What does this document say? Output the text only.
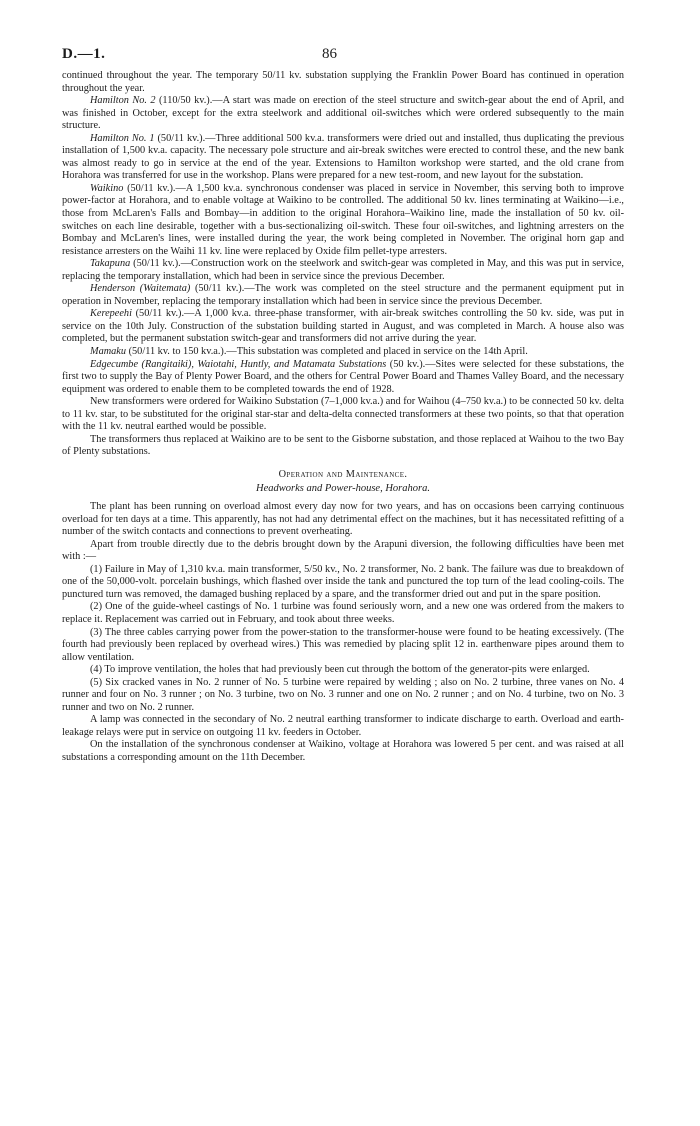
D.—1.	86

continued throughout the year. The temporary 50/11 kv. substation supplying the Franklin Power Board has continued in operation throughout the year.

Hamilton No. 2 (110/50 kv.).—A start was made on erection of the steel structure and switch-gear about the end of April, and was finished in October, except for the extra steelwork and additional oil-switches which were ordered subsequently to the main structure.

Hamilton No. 1 (50/11 kv.).—Three additional 500 kv.a. transformers were dried out and installed, thus duplicating the previous installation of 1,500 kv.a. capacity. The necessary pole structure and air-break switches were erected to control these, and the new bank was almost ready to go in service at the end of the year. Extensions to Hamilton workshop were started, and the old crane from Horahora was transferred for use in the workshop. Plans were prepared for a new test-room, and new layout for the substation.

Waikino (50/11 kv.).—A 1,500 kv.a. synchronous condenser was placed in service in November, this serving both to improve power-factor at Horahora, and to enable voltage at Waikino to be controlled. The additional 50 kv. lines terminating at Waikino—i.e., those from McLaren's Falls and Bombay—in addition to the original Horahora–Waikino line, made the installation of 50 kv. oil-switches on each line desirable, together with a bus-sectionalizing oil-switch. These four oil-switches, and lightning arresters on the Bombay and McLaren's lines, were installed during the year, the work being completed in November. The original horn gap and resistance arresters on the Waihi 11 kv. line were replaced by Oxide film pellet-type arresters.

Takapuna (50/11 kv.).—Construction work on the steelwork and switch-gear was completed in May, and this was put in service, replacing the temporary installation, which had been in service since the previous December.

Henderson (Waitemata) (50/11 kv.).—The work was completed on the steel structure and the permanent equipment put in operation in November, replacing the temporary installation which had been in service since the previous December.

Kerepeehi (50/11 kv.).—A 1,000 kv.a. three-phase transformer, with air-break switches controlling the 50 kv. side, was put in service on the 10th July. Construction of the substation building started in August, and was completed in March. A house also was completed, but the permanent substation switch-gear and transformers did not arrive during the year.

Mamaku (50/11 kv. to 150 kv.a.).—This substation was completed and placed in service on the 14th April.

Edgecumbe (Rangitaiki), Waiotahi, Huntly, and Matamata Substations (50 kv.).—Sites were selected for these substations, the first two to supply the Bay of Plenty Power Board, and the others for Central Power Board and Thames Valley Board, and the necessary equipment was ordered to enable them to be completed towards the end of 1928.

New transformers were ordered for Waikino Substation (7–1,000 kv.a.) and for Waihou (4–750 kv.a.) to be connected 50 kv. delta to 11 kv. star, to be substituted for the original star-star and delta-delta connected transformers at these two points, so that that operation with the 11 kv. neutral earthed would be possible.

The transformers thus replaced at Waikino are to be sent to the Gisborne substation, and those replaced at Waihou to the two Bay of Plenty substations.

Operation and Maintenance.
Headworks and Power-house, Horahora.

The plant has been running on overload almost every day now for two years, and has on occasions been carrying continuous overload for ten days at a time. This apparently, has not had any detrimental effect on the machines, but it has necessitated refitting of a number of the switch contacts and connections to prevent overheating.

Apart from trouble directly due to the debris brought down by the Arapuni diversion, the following difficulties have been met with :—

(1) Failure in May of 1,310 kv.a. main transformer, 5/50 kv., No. 2 transformer, No. 2 bank. The failure was due to breakdown of one of the 50,000-volt. porcelain bushings, which flashed over inside the tank and punctured the top turn of the lead cooling-coils. The punctured turn was removed, the damaged bushing replaced by a spare, and the transformer dried out and put in the spare position.

(2) One of the guide-wheel castings of No. 1 turbine was found seriously worn, and a new one was ordered from the makers to replace it. Replacement was carried out in February, and took about three weeks.

(3) The three cables carrying power from the power-station to the transformer-house were found to be heating excessively. (The fourth had previously been replaced by overhead wires.) This was remedied by placing split 12 in. earthenware pipes around them to allow ventilation.

(4) To improve ventilation, the holes that had previously been cut through the bottom of the generator-pits were enlarged.

(5) Six cracked vanes in No. 2 runner of No. 5 turbine were repaired by welding ; also on No. 2 turbine, three vanes on No. 4 runner and four on No. 3 runner ; on No. 3 turbine, two on No. 3 runner and one on No. 2 runner ; and on No. 4 turbine, two on No. 3 runner and two on No. 2 runner.

A lamp was connected in the secondary of No. 2 neutral earthing transformer to indicate discharge to earth. Overload and earth-leakage relays were put in service on outgoing 11 kv. feeders in October.

On the installation of the synchronous condenser at Waikino, voltage at Horahora was lowered 5 per cent. and was raised at all substations a corresponding amount on the 11th December.
